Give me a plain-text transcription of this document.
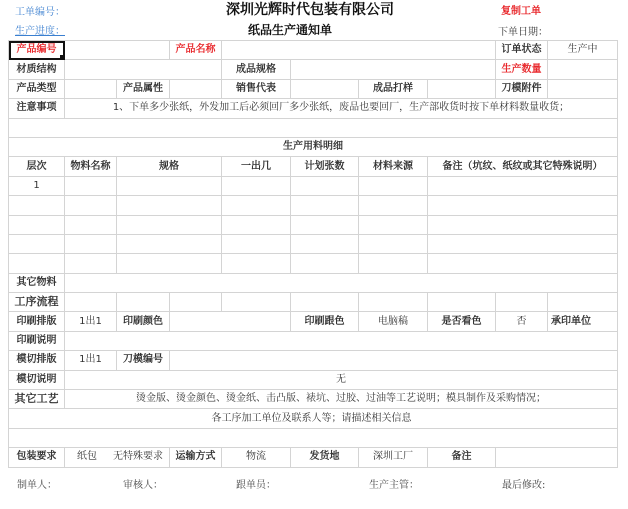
工单编号：
生产进度：
深圳光辉时代包装有限公司
纸品生产通知单
复制工单
下单日期：
产品编号			产品名称					订单状态	生产中
材质结构				成品规格				生产数量	
产品类型		产品属性		销售代表		成品打样		刀模附件	
注意事项	1、下单多少张纸，外发加工后必须回厂多少张纸，废品也要回厂，生产部收货时按下单材料数量收货；								

生产用料明细									
层次	物料名称	规格		一出几	计划张数	材料来源	备注（坑纹、纸纹或其它特殊说明）		
1									

其它物料									
工序流程									
印刷排版	1出1	印刷颜色			印刷跟色	电脑稿	是否看色	否	承印单位
印刷说明									
模切排版	1出1	刀模编号							
模切说明	无								
其它工艺	烫金版、烫金颜色、烫金纸、击凸版、裱坑、过胶、过油等工艺说明；模具制作及采购情况；								
各工序加工单位及联系人等；请描述相关信息									

包装要求	纸包 无特殊要求		运输方式	物流	发货地	深圳工厂	备注		
制单人：	审核人：	跟单员：	生产主管：	最后修改:
